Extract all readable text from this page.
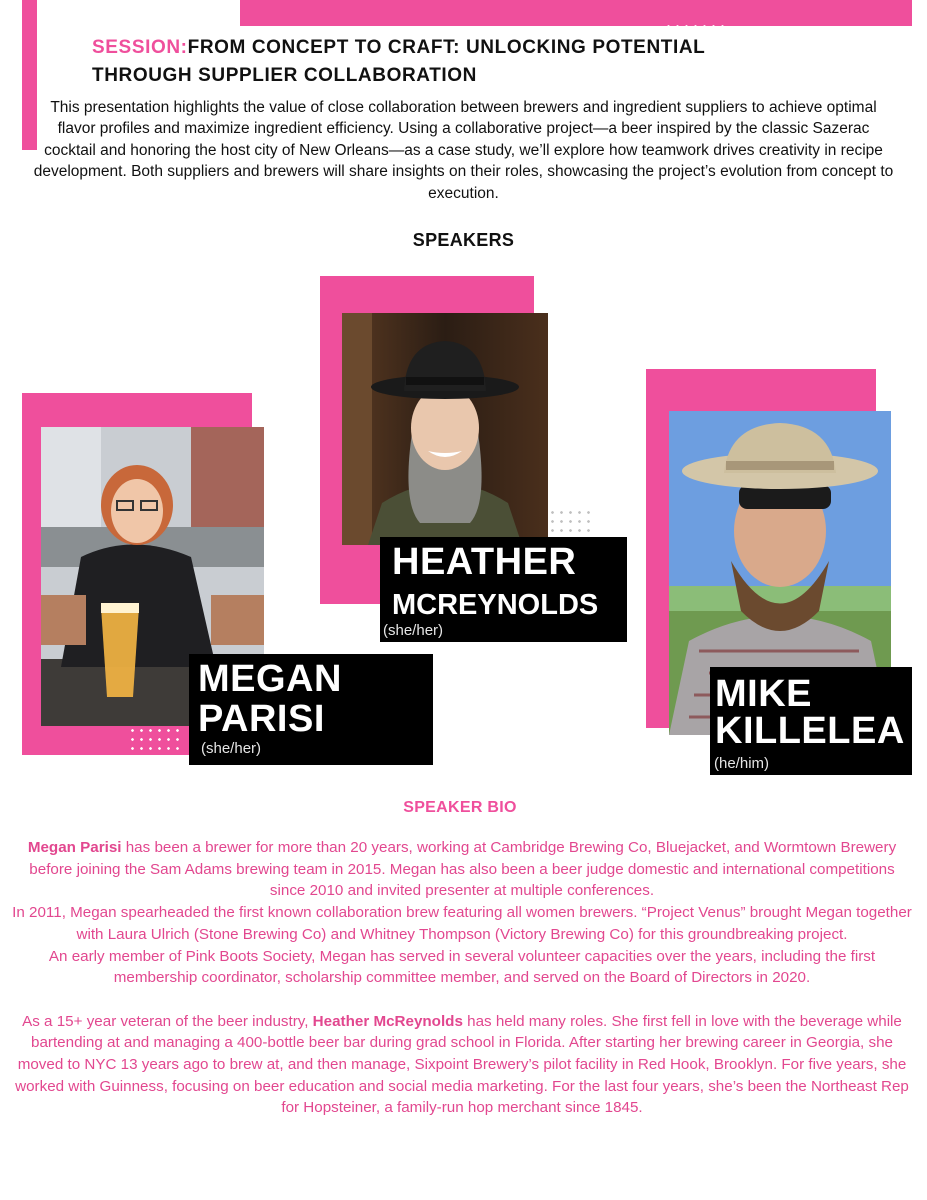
SESSION:FROM CONCEPT TO CRAFT: UNLOCKING POTENTIAL
THROUGH SUPPLIER COLLABORATION
This presentation highlights the value of close collaboration between brewers and ingredient suppliers to achieve optimal flavor profiles and maximize ingredient efficiency. Using a collaborative project—a beer inspired by the classic Sazerac cocktail and honoring the host city of New Orleans—as a case study, we’ll explore how teamwork drives creativity in recipe development. Both suppliers and brewers will share insights on their roles, showcasing the project’s evolution from concept to execution.
SPEAKERS
HEATHER
MCREYNOLDS
(she/her)
MEGAN
PARISI
(she/her)
MIKE
KILLELEA
(he/him)
SPEAKER BIO

Megan Parisi has been a brewer for more than 20 years, working at Cambridge Brewing Co, Bluejacket, and Wormtown Brewery before joining the Sam Adams brewing team in 2015. Megan has also been a beer judge domestic and international competitions since 2010 and invited presenter at multiple conferences.

In 2011, Megan spearheaded the first known collaboration brew featuring all women brewers. “Project Venus” brought Megan together with Laura Ulrich (Stone Brewing Co) and Whitney Thompson (Victory Brewing Co) for this groundbreaking project.

An early member of Pink Boots Society, Megan has served in several volunteer capacities over the years, including the first membership coordinator, scholarship committee member, and served on the Board of Directors in 2020.

As a 15+ year veteran of the beer industry, Heather McReynolds has held many roles. She first fell in love with the beverage while bartending at and managing a 400-bottle beer bar during grad school in Florida. After starting her brewing career in Georgia, she moved to NYC 13 years ago to brew at, and then manage, Sixpoint Brewery’s pilot facility in Red Hook, Brooklyn. For five years, she worked with Guinness, focusing on beer education and social media marketing. For the last four years, she’s been the Northeast Rep for Hopsteiner, a family-run hop merchant since 1845.
